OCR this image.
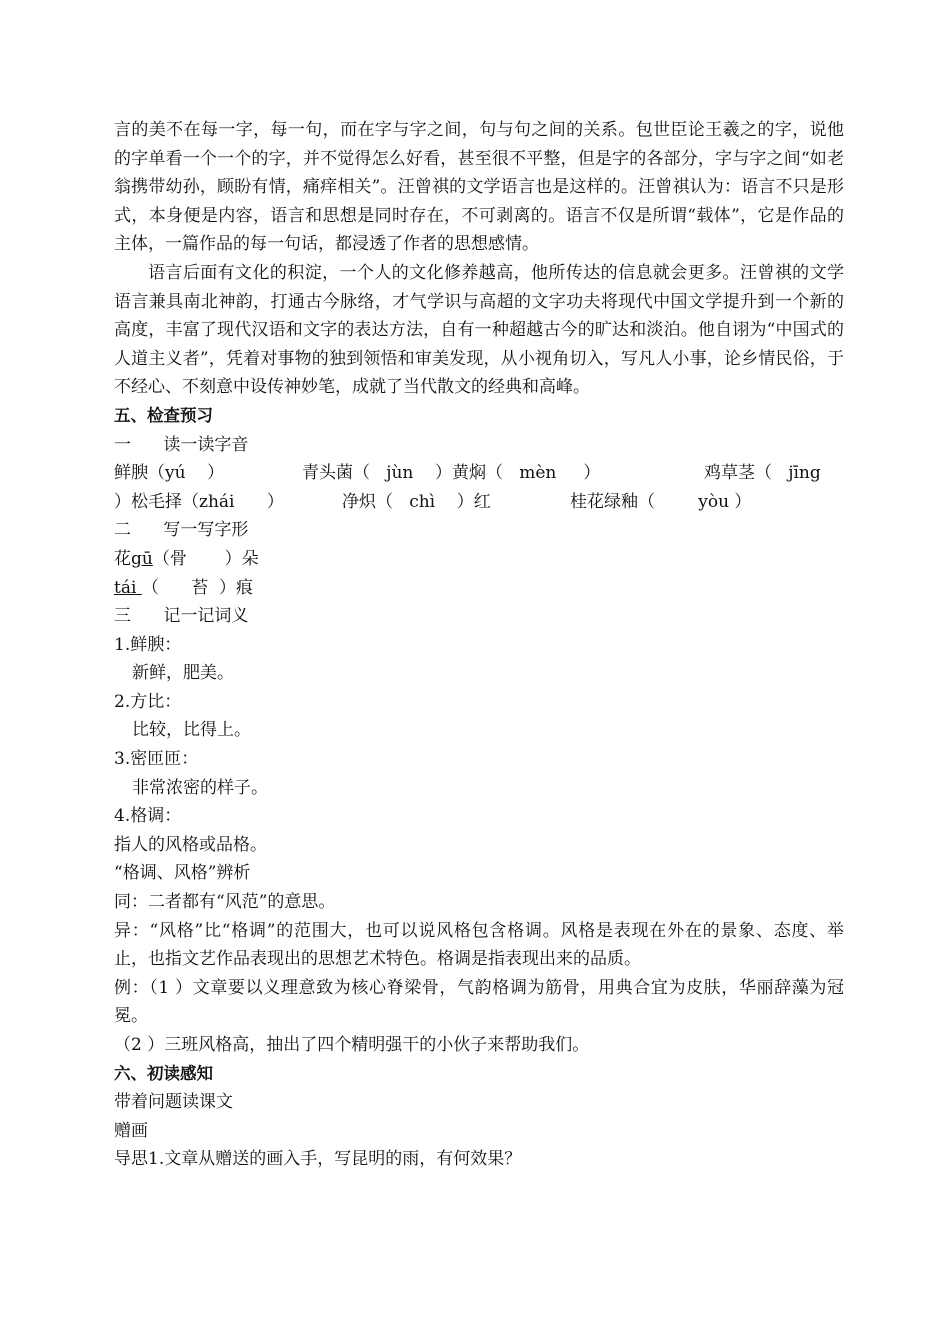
言的美不在每一字，每一句，而在字与字之间，句与句之间的关系。包世臣论王羲之的字，说他的字单看一个一个的字，并不觉得怎么好看，甚至很不平整，但是字的各部分，字与字之间“如老翁携带幼孙，顾盼有情，痛痒相关”。汪曾祺的文学语言也是这样的。汪曾祺认为：语言不只是形式，本身便是内容，语言和思想是同时存在，不可剥离的。语言不仅是所谓“载体”，它是作品的主体，一篇作品的每一句话，都浸透了作者的思想感情。

语言后面有文化的积淀，一个人的文化修养越高，他所传达的信息就会更多。汪曾祺的文学语言兼具南北神韵，打通古今脉络，才气学识与高超的文字功夫将现代中国文学提升到一个新的高度，丰富了现代汉语和文字的表达方法，自有一种超越古今的旷达和淡泊。他自诩为“中国式的人道主义者”，凭着对事物的独到领悟和审美发现，从小视角切入，写凡人小事，论乡情民俗，于不经心、不刻意中设传神妙笔，成就了当代散文的经典和高峰。

五、检查预习

一      读一读字音

鲜腴（yú    ）

	青头菌（   jùn    ）黄焖（   mèn     ）

	鸡草茎（   jīng

）松毛择（zhái      ）

	净炽（   chì    ）红

	桂花绿釉（        yòu ）

二      写一写字形

花gū（骨       ）朵

tái （      苔  ）痕

三      记一记词义

1.鲜腴：

新鲜，肥美。

2.方比：

比较，比得上。

3.密匝匝：

非常浓密的样子。

4.格调：

指人的风格或品格。

“格调、风格”辨析

同：二者都有“风范”的意思。

异：“风格”比“格调”的范围大，也可以说风格包含格调。风格是表现在外在的景象、态度、举止，也指文艺作品表现出的思想艺术特色。格调是指表现出来的品质。

例：（1 ）文章要以义理意致为核心脊梁骨，气韵格调为筋骨，用典合宜为皮肤，华丽辞藻为冠冕。

（2 ）三班风格高，抽出了四个精明强干的小伙子来帮助我们。

六、初读感知

带着问题读课文

赠画

导思1.文章从赠送的画入手，写昆明的雨，有何效果？
